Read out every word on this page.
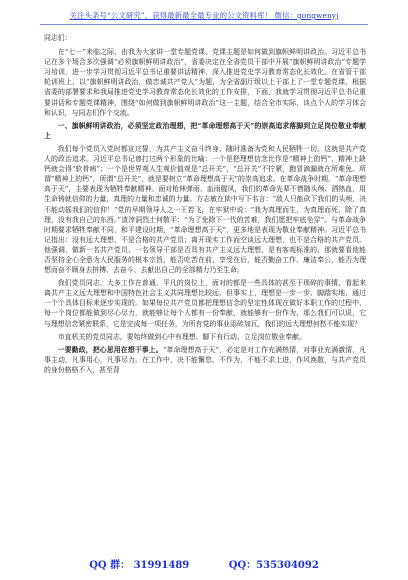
关注头条号“公文研究”，获得最新最全最专业的公文资料库！ 微信：gongwenyj

同志们：

在“七一”来临之际，由我为大家讲一堂专题党课。党课主题是如何做到旗帜鲜明讲政治。习近平总书记在多个场合多次强调“必须旗帜鲜明讲政治”，省委决定在全省党员干部中开展“旗帜鲜明讲政治”专题学习培训，进一步学习贯彻习近平总书记重要讲话精神，深入推进党史学习教育常态化长效化。在省管干部轮训班上，以“旗帜鲜明讲政治，做忠诚共产党人”为题，为全省副厅级以上干部上了一堂专题党课，根据省委的部署要求和我局推进党史学习教育常态化长效化的工作安排，下面，我就学习贯彻习近平总书记重要讲话和专题党课精神，围绕“如何做到旗帜鲜明讲政治”这一主题，结合全市实际，谈点个人的学习体会和认识，与同志们作个交流。

一、旗帜鲜明讲政治，必须坚定政治理想，把“革命理想高于天”的崇高追求落脚到立足岗位敬业奉献上

我们每个党员入党时都宣过誓，为共产主义奋斗终身，随时准备为党和人民牺牲一切。这就是共产党人的政治追求。习近平总书记曾打过两个形象的比喻：一个是把理想信念比作是“精神上的钙”，精神上缺钙就会得“软骨病”；一个是世界观人生观价值观是“总开关”，“总开关”不拧紧，跑冒滴漏就在所难免。所谓“精神上的钙”，所谓“总开关”，就是要树立“革命理想高于天”的崇高追求。在革命战争时期，“革命理想高于天”，主要表现为牺牲奉献精神。面对枪林弹雨、血雨腥风，我们的革命先辈不惜随头颅、洒热血，用生命铸就信仰的力量，真理的力量和忠诚的力量。方志敏在狱中写下名言：“敌人只能砍下我们的头颅，决不能动摇我们的信仰！”党的早期领导人之一王若飞，在牢狱中说：“我为真理而生，为真理而死，除了真理，没有我自己的东西。”渣滓洞烈士何敬平：“为了免除下一代的苦难，我们愿把牢底坐穿”。与革命战争时期要求牺牲奉献不同，和平建设时期，“革命理想高于天”，更多地是表现为敬业奉献精神。习近平总书记指出：没有远大理想，不是合格的共产党员；离开现实工作而空谈远大理想，也不是合格的共产党员。他强调，做新一名共产党员、一名领导干部是否具有共产主义远大理想，是有客观标准的，那就要看他能否坚持全心全意为人民服务的根本宗旨，能否吃苦在前、享受在后，能否勤奋工作、廉洁奉公，能否为理想而奋不顾身去拼搏、去奋斗、去献出自己的全部精力乃至生命。

我们党员同志，大多工作在普通、平凡的岗位上，面对的都是一些具体的甚至于琐碎的事情，看起来离共产主义远大理想和中国特色社会主义共同理想比较远，但事实上，理想是一步一步、脚踏实地、通过一个个具体目标来逐步实现的。如果每位共产党员都把理想信念的坚定性体现在做好本职工作的过程中，每一个岗位都能做到尽心尽力，就能够让每个人都有一份奉献，就能够有一份作为，那么我们可以说，它与理想信念紧密联系，它是完成每一项任务，为所有党的事业添砖加瓦，我们的远大理想何愁不能实现？

市直机关的党员同志，要始终做到心中有理想、脚下有行动，立足岗位敬业奉献。

一要勤政，把心思用在想干事上。“革命理想高于天”，必定是对工作充满热情，对事业充满激情，凡事主动，凡事用心，凡事尽力。在工作中，决不能懈怠、不作为，不能不求上进，作风涣散，与共产党员的身份格格不入，甚至背

QQ 群： 31991489	QQ：535304092
